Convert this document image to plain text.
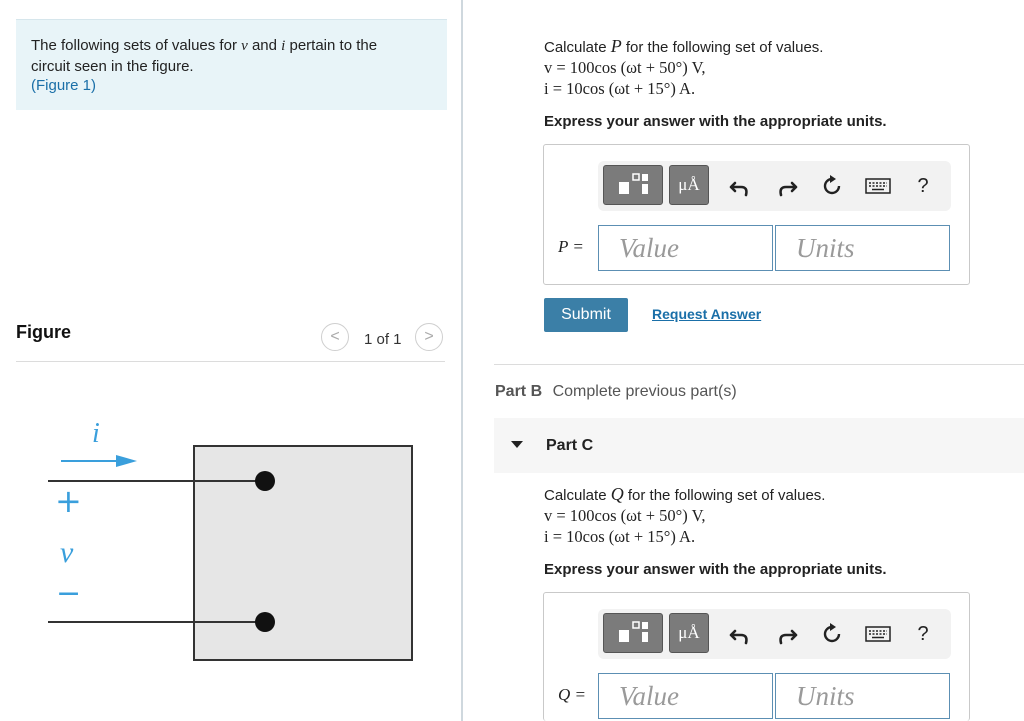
The following sets of values for v and i pertain to the
circuit seen in the figure.
(Figure 1)
Figure	< 1 of 1 >
i
+
v
−
Calculate P for the following set of values.
v = 100cos (ωt + 50°) V,
i = 10cos (ωt + 15°) A.
Express your answer with the appropriate units.
μÅ	?
P =	Value	Units
Submit	Request Answer
Part B Complete previous part(s)
Part C
Calculate Q for the following set of values.
v = 100cos (ωt + 50°) V,
i = 10cos (ωt + 15°) A.
Express your answer with the appropriate units.
μÅ	?
Q =	Value	Units
